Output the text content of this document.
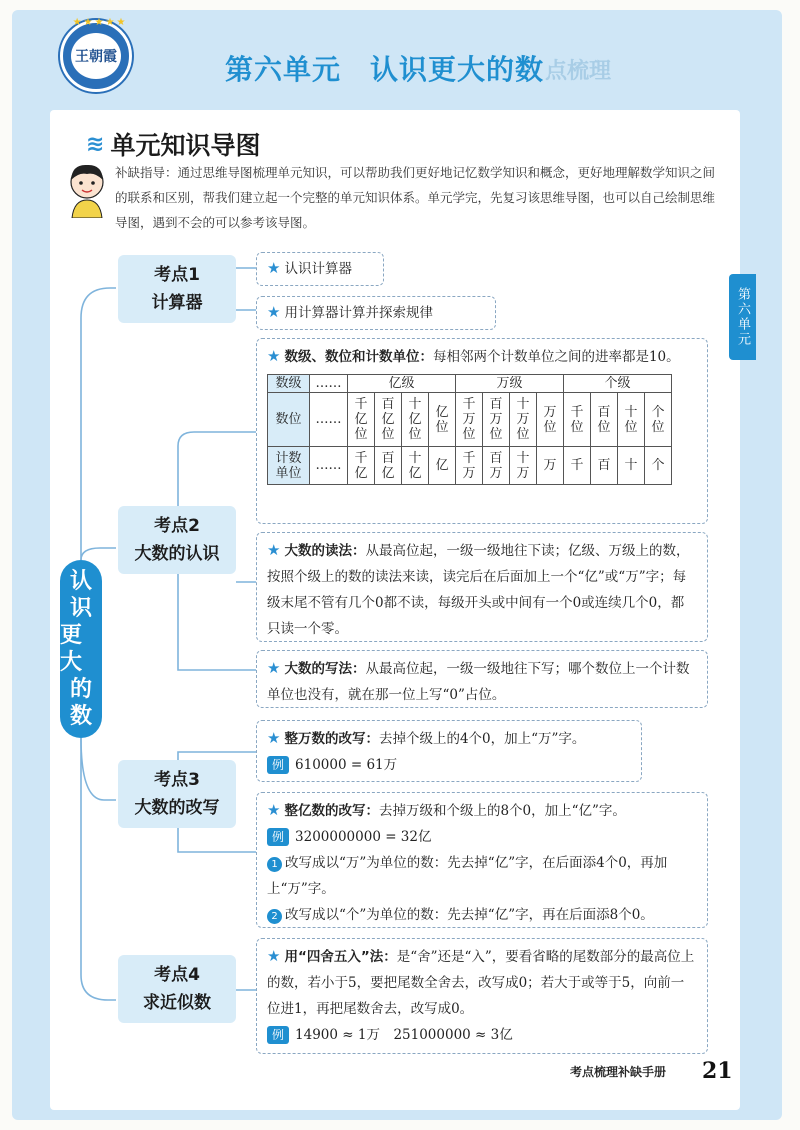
★★★★★
王朝霞	第六单元　认识更大的数 点梳理
≋ 单元知识导图
补缺指导：通过思维导图梳理单元知识，可以帮助我们更好地记忆数学知识和概念，更好地理解数学知识之间的联系和区别，帮我们建立起一个完整的单元知识体系。单元学完，先复习该思维导图，也可以自己绘制思维导图，遇到不会的可以参考该导图。
第六单元
认
识
更大
的
数
考点1
计算器
考点2
大数的认识
考点3
大数的改写
考点4
求近似数
★ 认识计算器
★ 用计算器计算并探索规律
★ 数级、数位和计数单位：每相邻两个计数单位之间的进率都是10。
数级	……	亿级				万级				个级			
数位	……	千亿位	百亿位	十亿位	亿位	千万位	百万位	十万位	万位	千位	百位	十位	个位
计数单位	……	千亿	百亿	十亿	亿	千万	百万	十万	万	千	百	十	个
★ 大数的读法：从最高位起，一级一级地往下读；亿级、万级上的数，按照个级上的数的读法来读，读完后在后面加上一个“亿”或“万”字；每级末尾不管有几个0都不读，每级开头或中间有一个0或连续几个0，都只读一个零。
★ 大数的写法：从最高位起，一级一级地往下写；哪个数位上一个计数单位也没有，就在那一位上写“0”占位。
★ 整万数的改写：去掉个级上的4个0，加上“万”字。
例 610000 = 61万
★ 整亿数的改写：去掉万级和个级上的8个0，加上“亿”字。
例 3200000000 = 32亿
1 改写成以“万”为单位的数：先去掉“亿”字，在后面添4个0，再加上“万”字。
2 改写成以“个”为单位的数：先去掉“亿”字，再在后面添8个0。
★ 用“四舍五入”法：是“舍”还是“入”，要看省略的尾数部分的最高位上的数，若小于5，要把尾数全舍去，改写成0；若大于或等于5，向前一位进1，再把尾数舍去，改写成0。
例 14900 ≈ 1万　251000000 ≈ 3亿
考点梳理补缺手册 21
